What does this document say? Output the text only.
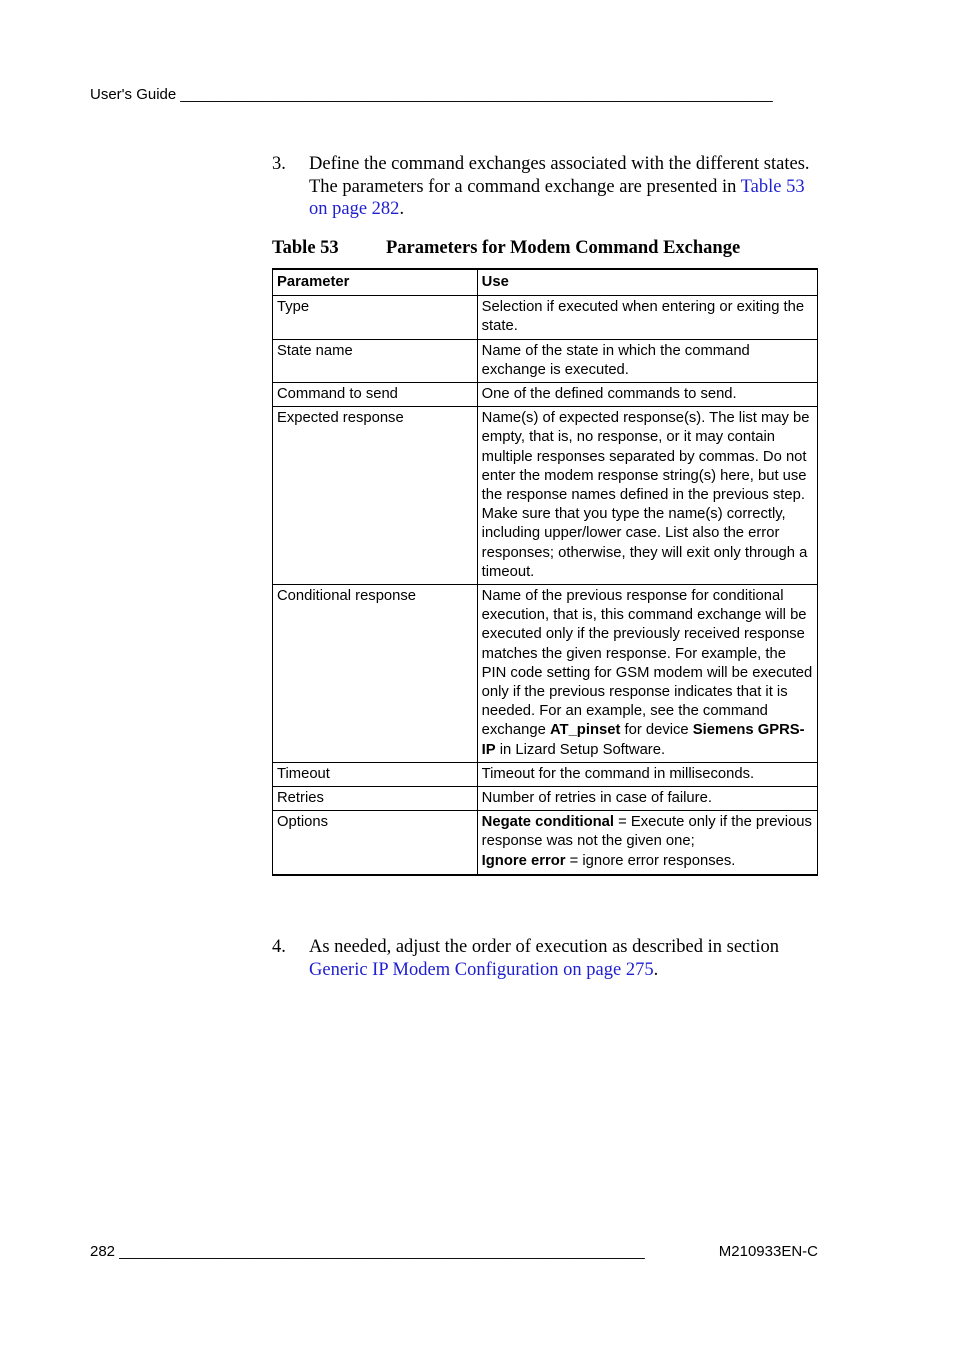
User's Guide _______________________________________________________________________
3. Define the command exchanges associated with the different states. The parameters for a command exchange are presented in Table 53 on page 282.
Table 53	Parameters for Modem Command Exchange
Parameter	Use
Type	Selection if executed when entering or exiting the state.
State name	Name of the state in which the command exchange is executed.
Command to send	One of the defined commands to send.
Expected response	Name(s) of expected response(s). The list may be empty, that is, no response, or it may contain multiple responses separated by commas. Do not enter the modem response string(s) here, but use the response names defined in the previous step. Make sure that you type the name(s) correctly, including upper/lower case. List also the error responses; otherwise, they will exit only through a timeout.
Conditional response	Name of the previous response for conditional execution, that is, this command exchange will be executed only if the previously received response matches the given response. For example, the PIN code setting for GSM modem will be executed only if the previous response indicates that it is needed. For an example, see the command exchange AT_pinset for device Siemens GPRS-IP in Lizard Setup Software.
Timeout	Timeout for the command in milliseconds.
Retries	Number of retries in case of failure.
Options	Negate conditional = Execute only if the previous response was not the given one;
Ignore error = ignore error responses.
4. As needed, adjust the order of execution as described in section Generic IP Modem Configuration on page 275.
282 _______________________________________________________________	M210933EN-C
